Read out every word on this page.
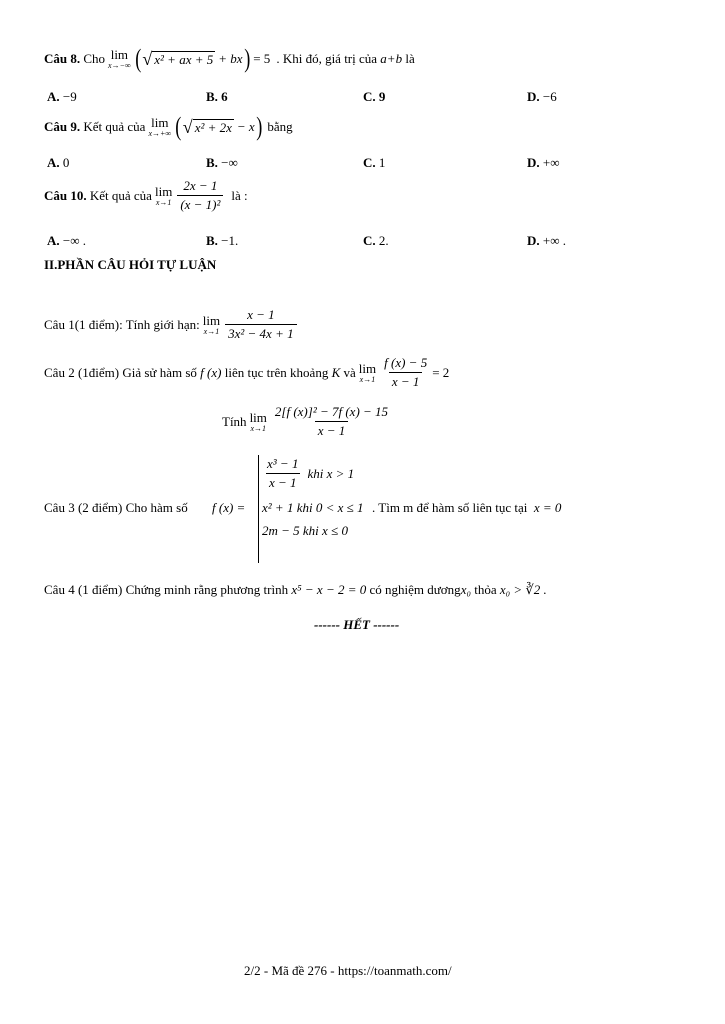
Câu 8.
Cho lim
x→−∞ ( √ x² + ax + 5 + bx ) = 5 . Khi đó, giá trị của
a+b
là
A. −9	B. 6	C. 9	D. −6
Câu 9.
Kết quả của lim
x→+∞ ( √ x² + 2x − x ) bằng
A. 0	B. −∞	C. 1	D. +∞
Câu 10.
Kết quả của lim
$x\to 1 \frac{2x - 1}{\text{(x − 1)²}}$ là :
A. −∞ .	B. −1.	C. 2.	D. +∞ .
II.PHẦN CÂU HỎI TỰ LUẬN
Câu 1(1 điểm): Tính giới hạn: lim
$x\to 1 \frac{x - 1}{\text{3x² − 4x + 1}}$
Câu 2 (1điểm) Giả sử hàm số
f (x)
liên tục trên khoảng
K
và lim
$x\to 1 \frac{f (x) - 5}{x - 1} = 2$
Tính lim
$x\to 1 \frac{\text{2[f (x)]² − 7f (x) − 15}}{x - 1}$
Câu 3 (2 điểm) Cho hàm số f (x) =
$\frac{\text{x³ − 1}}{x - 1}$ khi x > 1
x² + 1 khi 0 < x ≤ 1
2m − 5 khi x ≤ 0
. Tìm m để hàm số liên tục tại x = 0
Câu 4 (1 điểm)
Chứng minh rằng phương trình
x⁵ − x − 2 = 0
có nghiệm dương x₀
thỏa
x₀ > ∛2 .
------ HẾT ------
2/2 - Mã đề 276 - https://toanmath.com/
